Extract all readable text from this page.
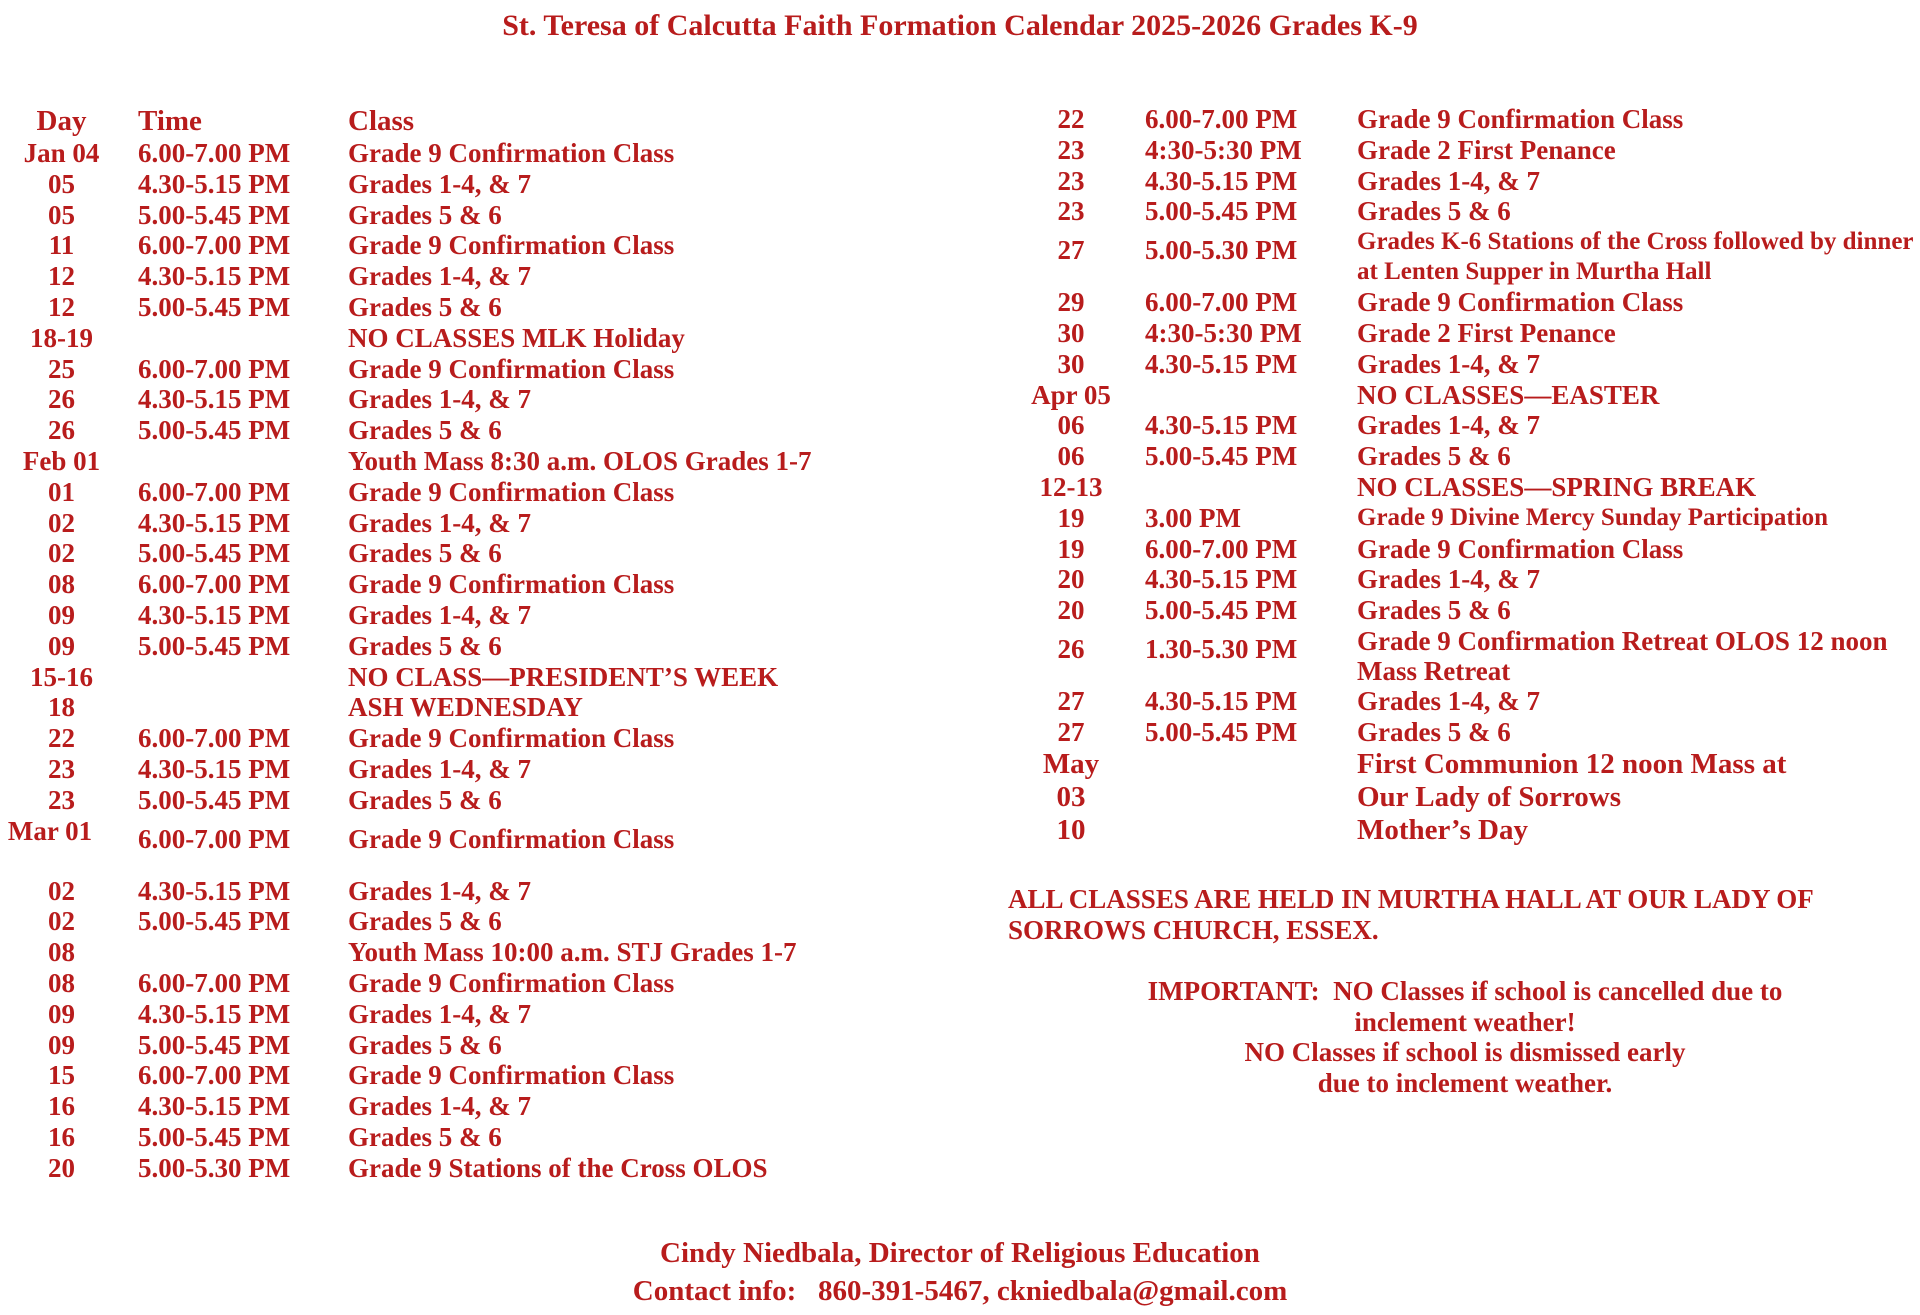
St. Teresa of Calcutta Faith Formation Calendar 2025-2026 Grades K-9
Day	Time	Class
Jan 04	6.00-7.00 PM Grade 9 Confirmation Class
05	4.30-5.15 PM Grades 1-4, & 7
05	5.00-5.45 PM Grades 5 & 6
11	6.00-7.00 PM Grade 9 Confirmation Class
12	4.30-5.15 PM Grades 1-4, & 7
12	5.00-5.45 PM Grades 5 & 6
18-19	NO CLASSES MLK Holiday
25	6.00-7.00 PM Grade 9 Confirmation Class
26	4.30-5.15 PM Grades 1-4, & 7
26	5.00-5.45 PM Grades 5 & 6
Feb 01	Youth Mass 8:30 a.m. OLOS Grades 1-7
01	6.00-7.00 PM Grade 9 Confirmation Class
02	4.30-5.15 PM Grades 1-4, & 7
02	5.00-5.45 PM Grades 5 & 6
08	6.00-7.00 PM Grade 9 Confirmation Class
09	4.30-5.15 PM Grades 1-4, & 7
09	5.00-5.45 PM Grades 5 & 6
15-16	NO CLASS—PRESIDENT’S WEEK
18	ASH WEDNESDAY
22	6.00-7.00 PM Grade 9 Confirmation Class
23	4.30-5.15 PM Grades 1-4, & 7
23	5.00-5.45 PM Grades 5 & 6
Mar 01 6.00-7.00 PM Grade 9 Confirmation Class
02	4.30-5.15 PM Grades 1-4, & 7
02	5.00-5.45 PM Grades 5 & 6
08	Youth Mass 10:00 a.m. STJ Grades 1-7
08	6.00-7.00 PM Grade 9 Confirmation Class
09	4.30-5.15 PM Grades 1-4, & 7
09	5.00-5.45 PM Grades 5 & 6
15	6.00-7.00 PM Grade 9 Confirmation Class
16	4.30-5.15 PM Grades 1-4, & 7
16	5.00-5.45 PM Grades 5 & 6
20	5.00-5.30 PM Grade 9 Stations of the Cross OLOS
22	6.00-7.00 PM Grade 9 Confirmation Class
23	4:30-5:30 PM Grade 2 First Penance
23	4.30-5.15 PM Grades 1-4, & 7
23	5.00-5.45 PM Grades 5 & 6
27	5.00-5.30 PM Grades K-6 Stations of the Cross followed by dinner at Lenten Supper in Murtha Hall
29	6.00-7.00 PM Grade 9 Confirmation Class
30	4:30-5:30 PM Grade 2 First Penance
30	4.30-5.15 PM Grades 1-4, & 7
Apr 05	NO CLASSES—EASTER
06	4.30-5.15 PM Grades 1-4, & 7
06	5.00-5.45 PM Grades 5 & 6
12-13	NO CLASSES—SPRING BREAK
19	3.00 PM	Grade 9 Divine Mercy Sunday Participation
19	6.00-7.00 PM Grade 9 Confirmation Class
20	4.30-5.15 PM Grades 1-4, & 7
20	5.00-5.45 PM Grades 5 & 6
26	1.30-5.30 PM Grade 9 Confirmation Retreat OLOS 12 noon Mass Retreat
27	4.30-5.15 PM Grades 1-4, & 7
27	5.00-5.45 PM Grades 5 & 6
May	First Communion 12 noon Mass at
03	Our Lady of Sorrows
10	Mother’s Day
ALL CLASSES ARE HELD IN MURTHA HALL AT OUR LADY OF SORROWS CHURCH, ESSEX.
IMPORTANT:  NO Classes if school is cancelled due to
inclement weather!
NO Classes if school is dismissed early
due to inclement weather.
Cindy Niedbala, Director of Religious Education
Contact info:   860-391-5467, ckniedbala@gmail.com
